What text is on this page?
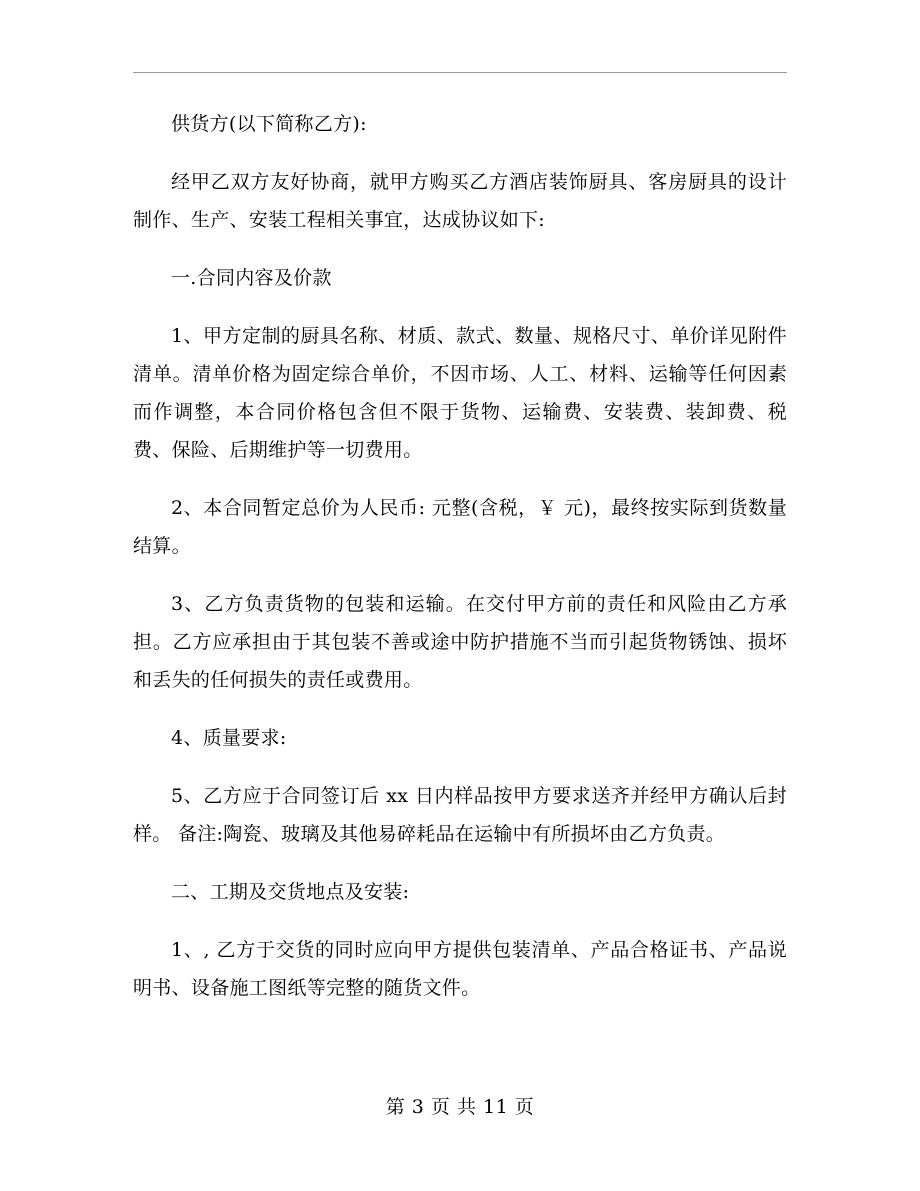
供货方(以下简称乙方):

经甲乙双方友好协商，就甲方购买乙方酒店装饰厨具、客房厨具的设计制作、生产、安装工程相关事宜，达成协议如下:

一.合同内容及价款

1、甲方定制的厨具名称、材质、款式、数量、规格尺寸、单价详见附件清单。清单价格为固定综合单价，不因市场、人工、材料、运输等任何因素而作调整，本合同价格包含但不限于货物、运输费、安装费、装卸费、税费、保险、后期维护等一切费用。

2、本合同暂定总价为人民币: 元整(含税，￥ 元)，最终按实际到货数量结算。

3、乙方负责货物的包装和运输。在交付甲方前的责任和风险由乙方承担。乙方应承担由于其包装不善或途中防护措施不当而引起货物锈蚀、损坏和丢失的任何损失的责任或费用。

4、质量要求:

5、乙方应于合同签订后 xx 日内样品按甲方要求送齐并经甲方确认后封样。 备注:陶瓷、玻璃及其他易碎耗品在运输中有所损坏由乙方负责。

二、工期及交货地点及安装:

1、, 乙方于交货的同时应向甲方提供包装清单、产品合格证书、产品说明书、设备施工图纸等完整的随货文件。

第 3 页 共 11 页
